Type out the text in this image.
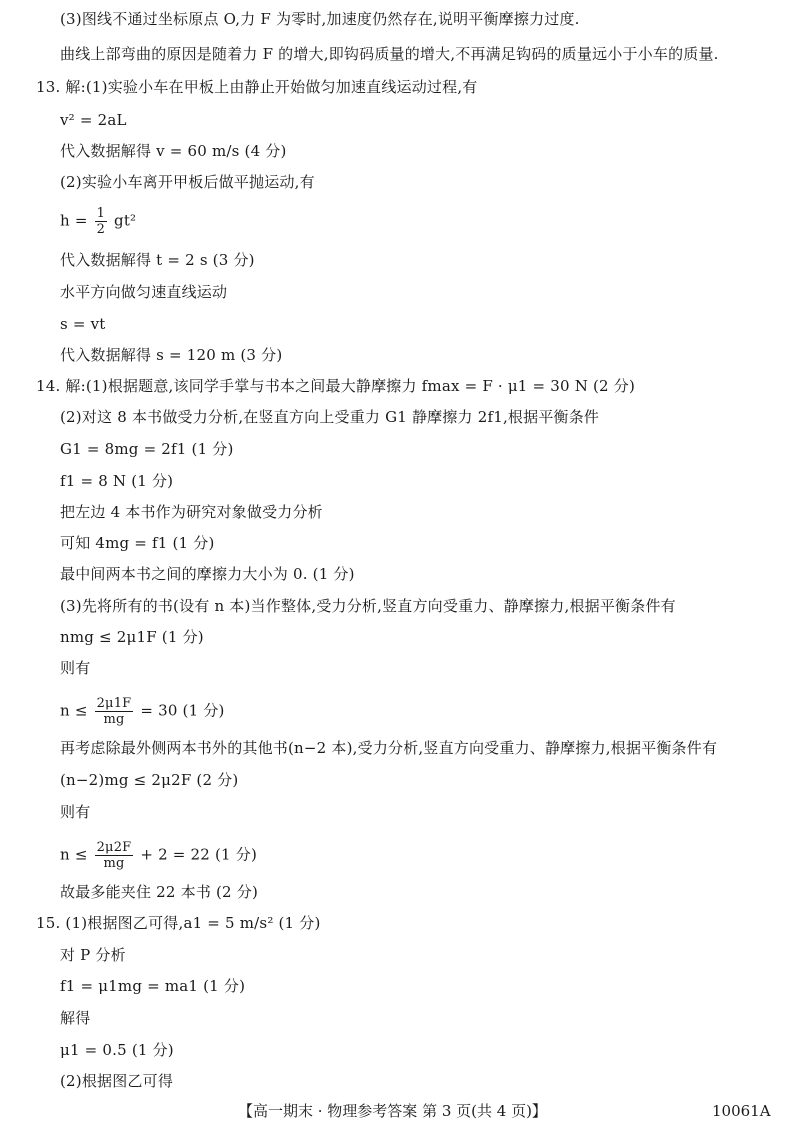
(3)图线不通过坐标原点 O,力 F 为零时,加速度仍然存在,说明平衡摩擦力过度.
曲线上部弯曲的原因是随着力 F 的增大,即钩码质量的增大,不再满足钩码的质量远小于小车的质量.
13. 解:(1)实验小车在甲板上由静止开始做匀加速直线运动过程,有
v² = 2aL
代入数据解得 v = 60 m/s (4 分)
(2)实验小车离开甲板后做平抛运动,有
$h = \frac{1}{2} gt^2$
代入数据解得 t = 2 s (3 分)
水平方向做匀速直线运动
s = vt
代入数据解得 s = 120 m (3 分)
14. 解:(1)根据题意,该同学手掌与书本之间最大静摩擦力 fmax = F · μ1 = 30 N (2 分)
(2)对这 8 本书做受力分析,在竖直方向上受重力 G1 静摩擦力 2f1,根据平衡条件
G1 = 8mg = 2f1 (1 分)
f1 = 8 N (1 分)
把左边 4 本书作为研究对象做受力分析
可知 4mg = f1 (1 分)
最中间两本书之间的摩擦力大小为 0. (1 分)
(3)先将所有的书(设有 n 本)当作整体,受力分析,竖直方向受重力、静摩擦力,根据平衡条件有
nmg ≤ 2μ1F (1 分)
则有
$n \le \frac{2\mu 1F}{mg} = 30$ (1 分)
再考虑除最外侧两本书外的其他书(n−2 本),受力分析,竖直方向受重力、静摩擦力,根据平衡条件有
(n−2)mg ≤ 2μ2F (2 分)
则有
$n \le \frac{2\mu 2F}{mg} + 2 = 22$ (1 分)
故最多能夹住 22 本书 (2 分)
15. (1)根据图乙可得,a1 = 5 m/s² (1 分)
对 P 分析
f1 = μ1mg = ma1 (1 分)
解得
μ1 = 0.5 (1 分)
(2)根据图乙可得
【高一期末 · 物理参考答案 第 3 页(共 4 页)】	10061A
